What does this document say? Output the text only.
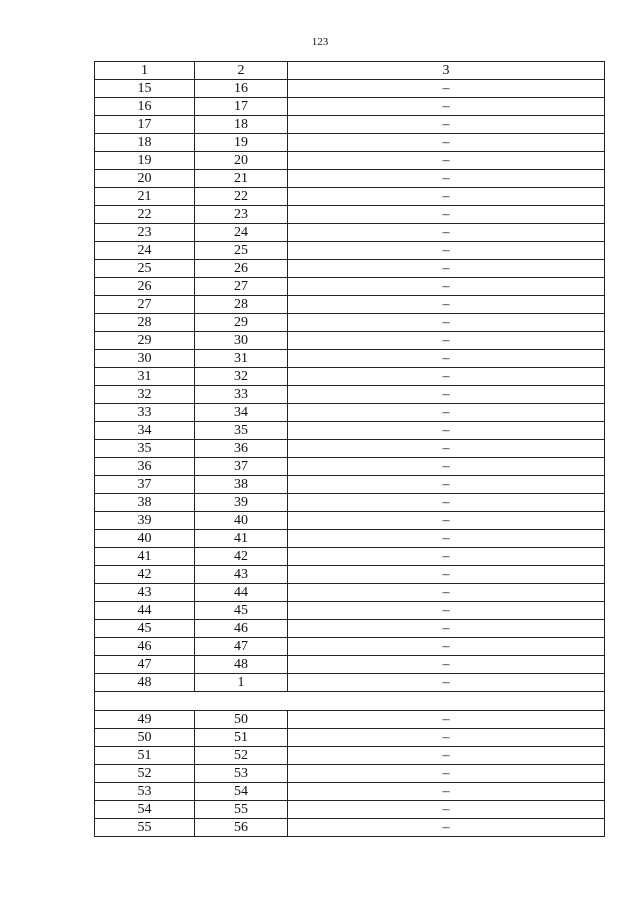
123
1	2	3
15	16	–
16	17	–
17	18	–
18	19	–
19	20	–
20	21	–
21	22	–
22	23	–
23	24	–
24	25	–
25	26	–
26	27	–
27	28	–
28	29	–
29	30	–
30	31	–
31	32	–
32	33	–
33	34	–
34	35	–
35	36	–
36	37	–
37	38	–
38	39	–
39	40	–
40	41	–
41	42	–
42	43	–
43	44	–
44	45	–
45	46	–
46	47	–
47	48	–
48	1	–

49	50	–
50	51	–
51	52	–
52	53	–
53	54	–
54	55	–
55	56	–
